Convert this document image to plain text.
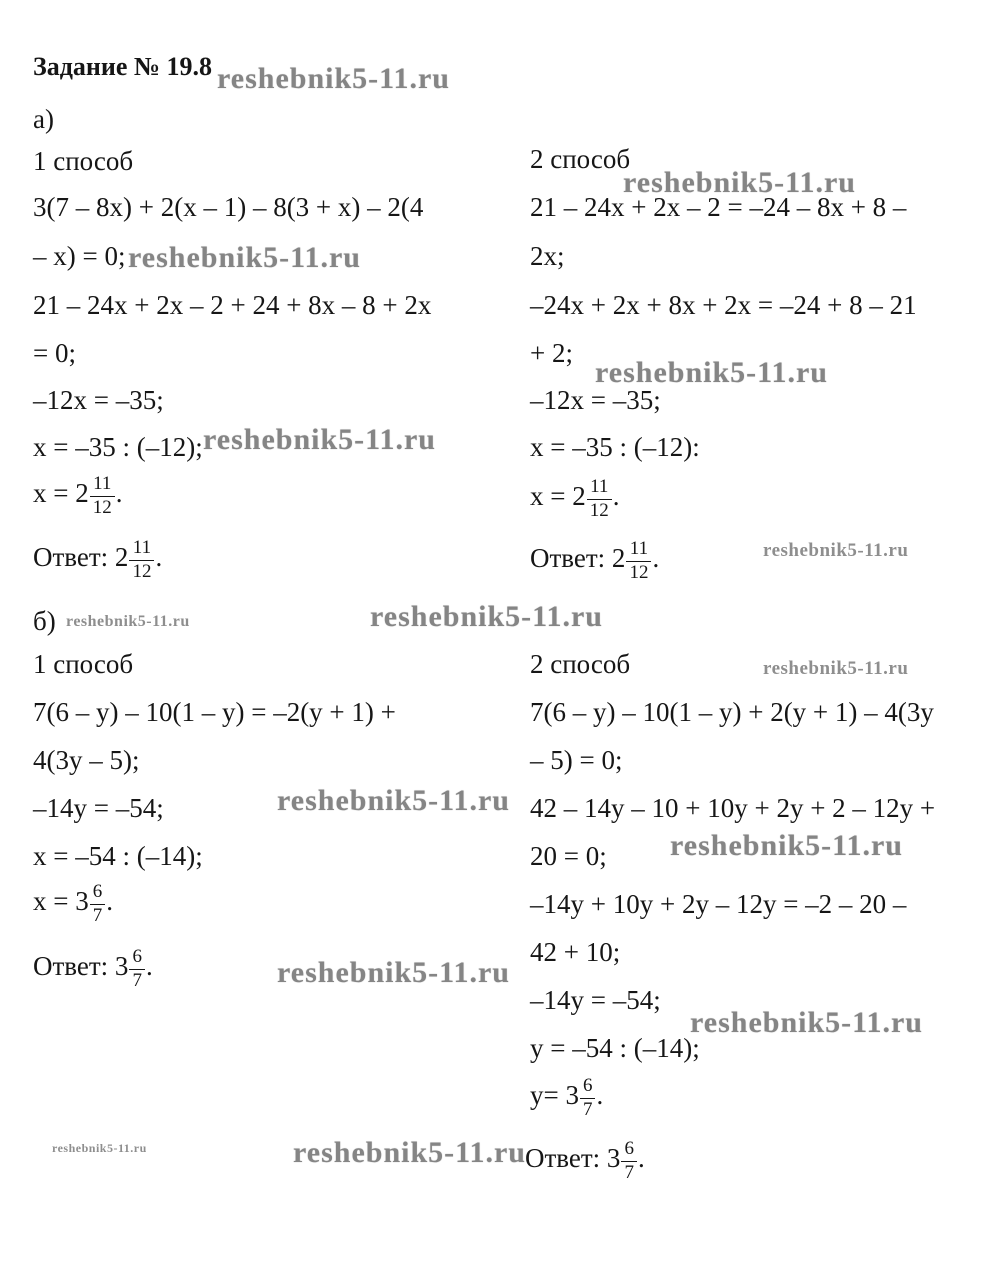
Задание № 19.8
а)
1 способ	2 способ
3(7 – 8x) + 2(x – 1) – 8(3 + x) – 2(4
– x) = 0;
21 – 24x + 2x – 2 + 24 + 8x – 8 + 2x
= 0;
–12x = –35;
x = –35 : (–12);
$x = 2 \frac{11}{12}$ .
Ответ: $2 \frac{11}{12}$ .
21 – 24x + 2x – 2 = –24 – 8x + 8 –
2x;
–24x + 2x + 8x + 2x = –24 + 8 – 21
+ 2;
–12x = –35;
x = –35 : (–12):
$x = 2 \frac{11}{12}$ .
Ответ: $2 \frac{11}{12}$ .
б)
1 способ	2 способ
7(6 – y) – 10(1 – y) = –2(y + 1) +
4(3y – 5);
–14y = –54;
x = –54 : (–14);
$x = 3 \frac{6}{7}$ .
Ответ: $3 \frac{6}{7}$ .
7(6 – y) – 10(1 – y) + 2(y + 1) – 4(3y
– 5) = 0;
42 – 14y – 10 + 10y + 2y + 2 – 12y +
20 = 0;
–14y + 10y + 2y – 12y = –2 – 20 –
42 + 10;
–14y = –54;
y = –54 : (–14);
$y= 3 \frac{6}{7}$ .
Ответ: $3 \frac{6}{7}$ .
reshebnik5-11.ru
reshebnik5-11.ru
reshebnik5-11.ru
reshebnik5-11.ru
reshebnik5-11.ru
reshebnik5-11.ru
reshebnik5-11.ru	reshebnik5-11.ru
reshebnik5-11.ru
reshebnik5-11.ru
reshebnik5-11.ru
reshebnik5-11.ru
reshebnik5-11.ru
reshebnik5-11.ru	reshebnik5-11.ru
